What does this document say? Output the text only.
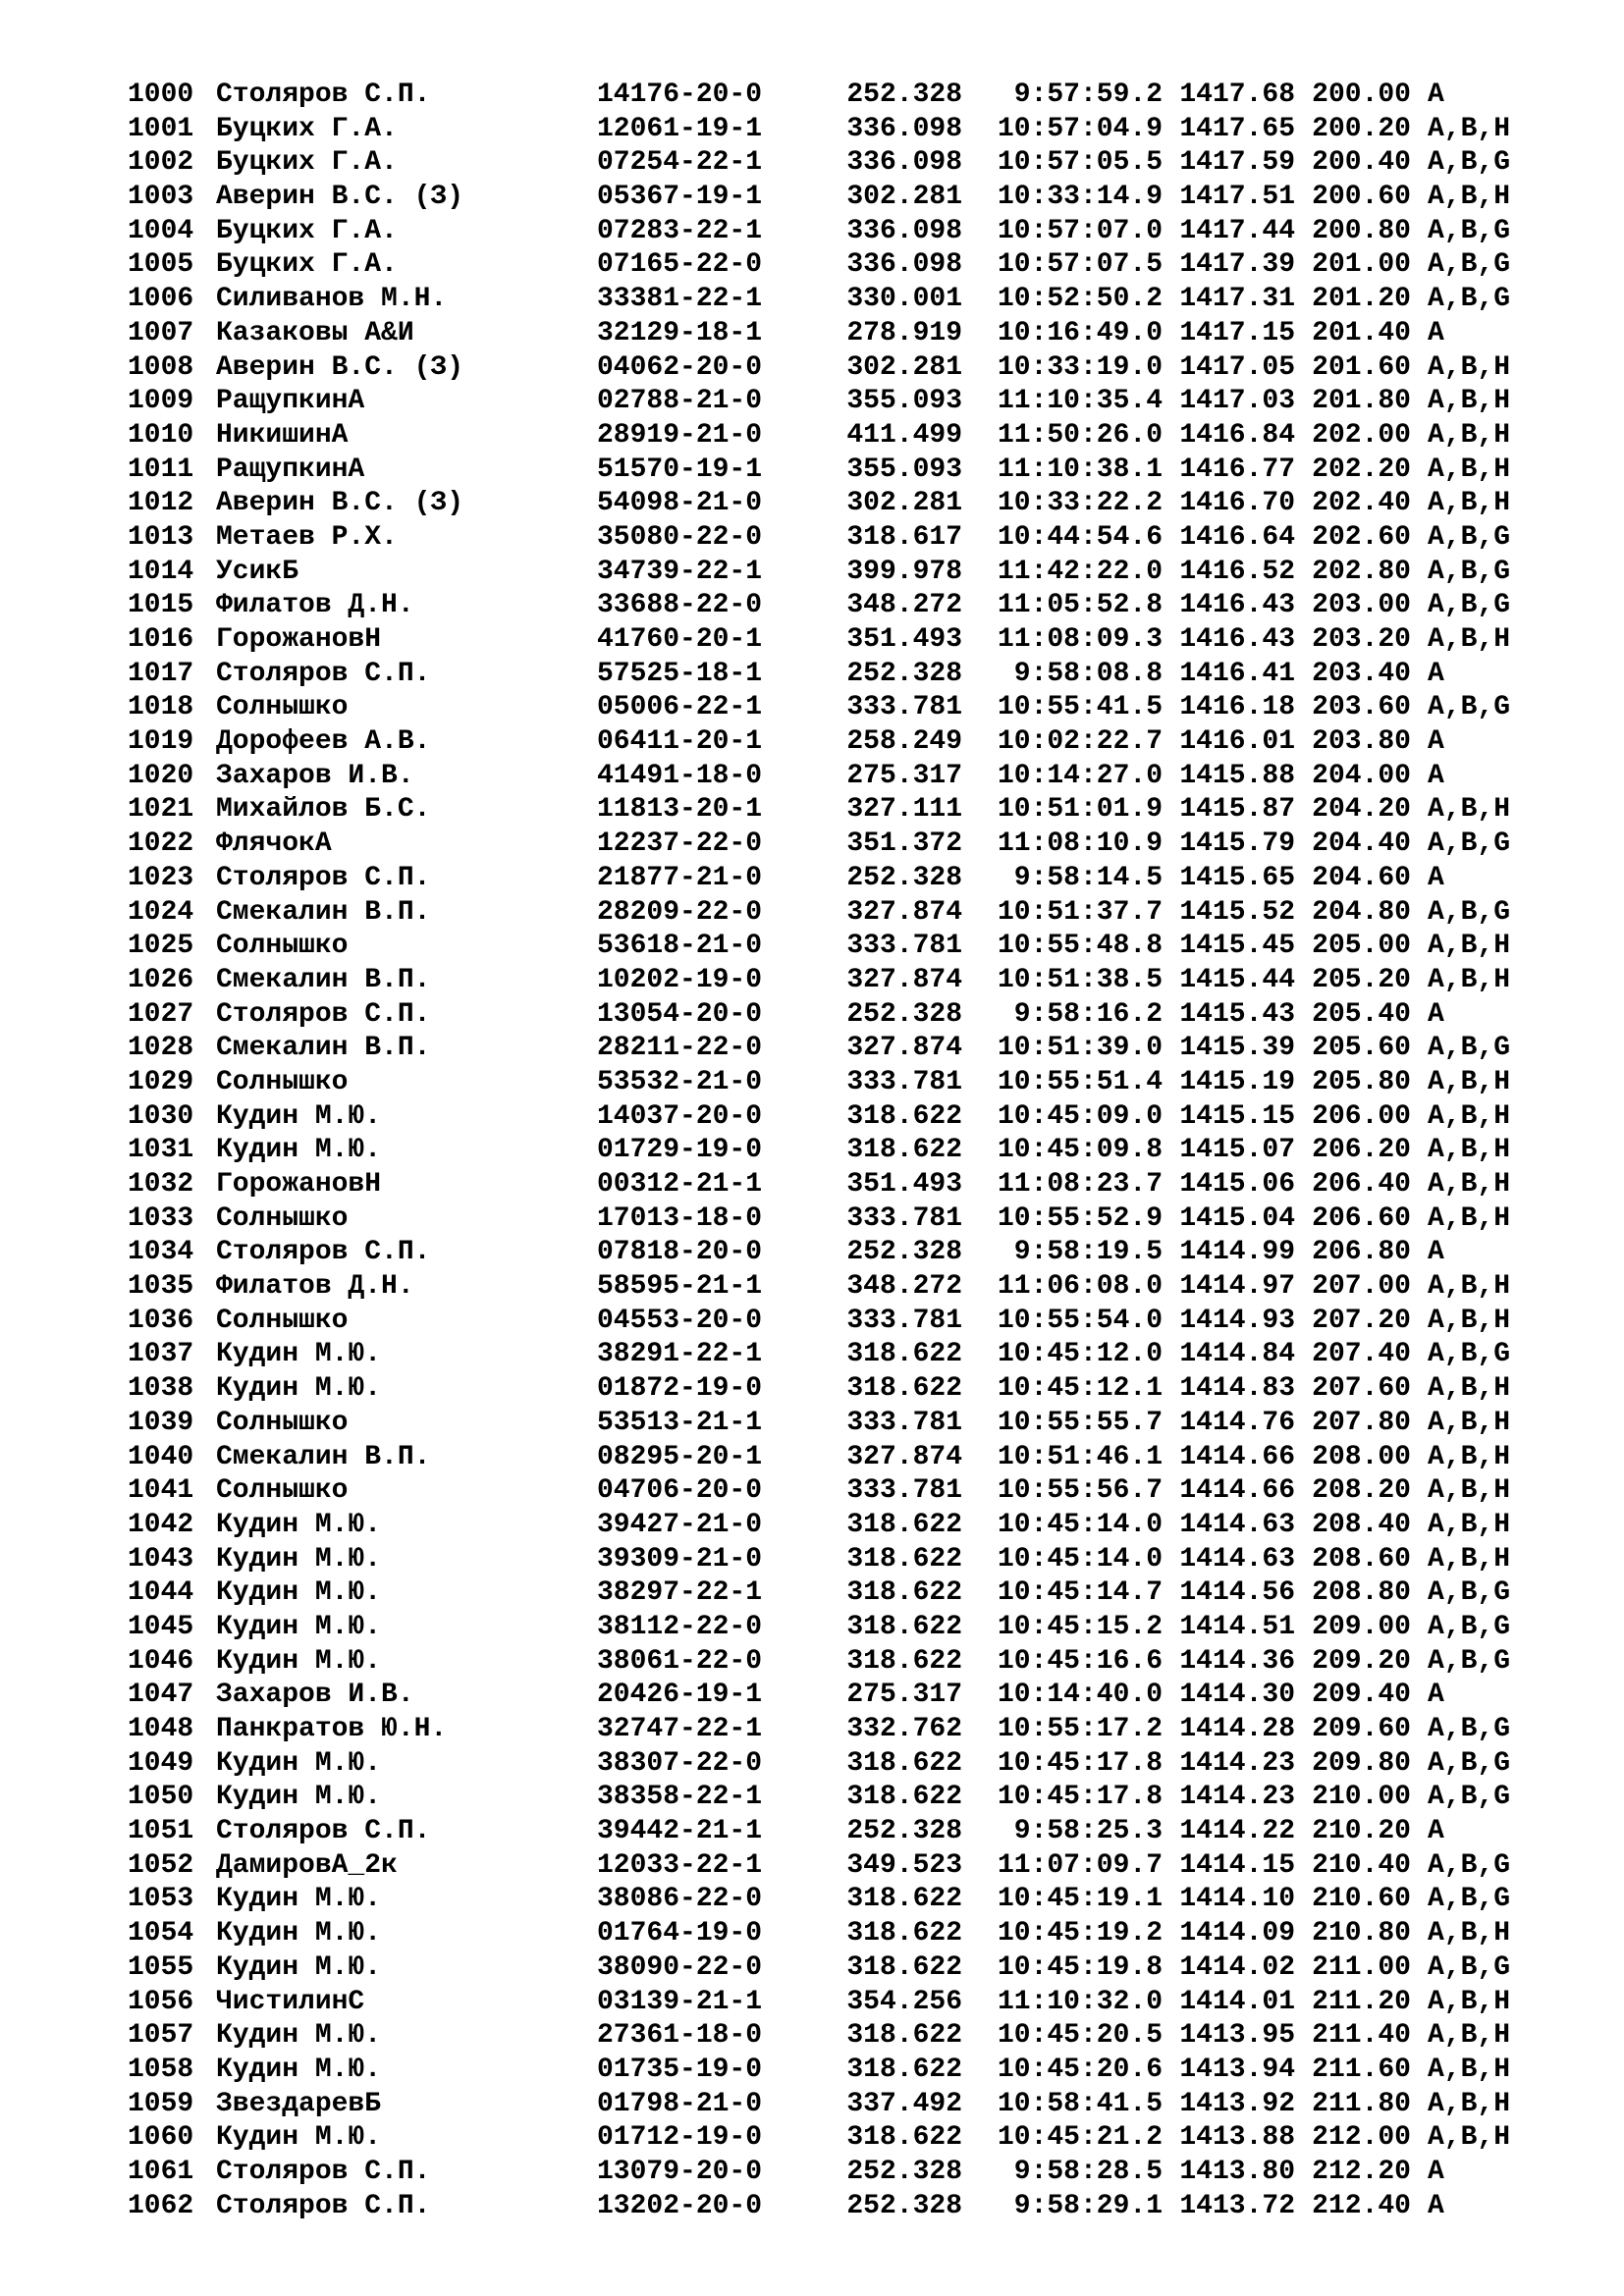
1000 Столяров С.П.	14176-20-0	252.328	9:57:59.2 1417.68 200.00 A
1001 Буцких Г.А.	12061-19-1	336.098	10:57:04.9 1417.65 200.20 A,B,H
1002 Буцких Г.А.	07254-22-1	336.098	10:57:05.5 1417.59 200.40 A,B,G
1003 Аверин В.С. (З)	05367-19-1	302.281	10:33:14.9 1417.51 200.60 A,B,H
1004 Буцких Г.А.	07283-22-1	336.098	10:57:07.0 1417.44 200.80 A,B,G
1005 Буцких Г.А.	07165-22-0	336.098	10:57:07.5 1417.39 201.00 A,B,G
1006 Силиванов М.Н.	33381-22-1	330.001	10:52:50.2 1417.31 201.20 A,B,G
1007 Казаковы А&И	32129-18-1	278.919	10:16:49.0 1417.15 201.40 A
1008 Аверин В.С. (З)	04062-20-0	302.281	10:33:19.0 1417.05 201.60 A,B,H
1009 РащупкинА	02788-21-0	355.093	11:10:35.4 1417.03 201.80 A,B,H
1010 НикишинА	28919-21-0	411.499	11:50:26.0 1416.84 202.00 A,B,H
1011 РащупкинА	51570-19-1	355.093	11:10:38.1 1416.77 202.20 A,B,H
1012 Аверин В.С. (З)	54098-21-0	302.281	10:33:22.2 1416.70 202.40 A,B,H
1013 Метаев Р.Х.	35080-22-0	318.617	10:44:54.6 1416.64 202.60 A,B,G
1014 УсикБ	34739-22-1	399.978	11:42:22.0 1416.52 202.80 A,B,G
1015 Филатов Д.Н.	33688-22-0	348.272	11:05:52.8 1416.43 203.00 A,B,G
1016 ГорожановН	41760-20-1	351.493	11:08:09.3 1416.43 203.20 A,B,H
1017 Столяров С.П.	57525-18-1	252.328	9:58:08.8 1416.41 203.40 A
1018 Солнышко	05006-22-1	333.781	10:55:41.5 1416.18 203.60 A,B,G
1019 Дорофеев А.В.	06411-20-1	258.249	10:02:22.7 1416.01 203.80 A
1020 Захаров И.В.	41491-18-0	275.317	10:14:27.0 1415.88 204.00 A
1021 Михайлов Б.С.	11813-20-1	327.111	10:51:01.9 1415.87 204.20 A,B,H
1022 ФлячокА	12237-22-0	351.372	11:08:10.9 1415.79 204.40 A,B,G
1023 Столяров С.П.	21877-21-0	252.328	9:58:14.5 1415.65 204.60 A
1024 Смекалин В.П.	28209-22-0	327.874	10:51:37.7 1415.52 204.80 A,B,G
1025 Солнышко	53618-21-0	333.781	10:55:48.8 1415.45 205.00 A,B,H
1026 Смекалин В.П.	10202-19-0	327.874	10:51:38.5 1415.44 205.20 A,B,H
1027 Столяров С.П.	13054-20-0	252.328	9:58:16.2 1415.43 205.40 A
1028 Смекалин В.П.	28211-22-0	327.874	10:51:39.0 1415.39 205.60 A,B,G
1029 Солнышко	53532-21-0	333.781	10:55:51.4 1415.19 205.80 A,B,H
1030 Кудин М.Ю.	14037-20-0	318.622	10:45:09.0 1415.15 206.00 A,B,H
1031 Кудин М.Ю.	01729-19-0	318.622	10:45:09.8 1415.07 206.20 A,B,H
1032 ГорожановН	00312-21-1	351.493	11:08:23.7 1415.06 206.40 A,B,H
1033 Солнышко	17013-18-0	333.781	10:55:52.9 1415.04 206.60 A,B,H
1034 Столяров С.П.	07818-20-0	252.328	9:58:19.5 1414.99 206.80 A
1035 Филатов Д.Н.	58595-21-1	348.272	11:06:08.0 1414.97 207.00 A,B,H
1036 Солнышко	04553-20-0	333.781	10:55:54.0 1414.93 207.20 A,B,H
1037 Кудин М.Ю.	38291-22-1	318.622	10:45:12.0 1414.84 207.40 A,B,G
1038 Кудин М.Ю.	01872-19-0	318.622	10:45:12.1 1414.83 207.60 A,B,H
1039 Солнышко	53513-21-1	333.781	10:55:55.7 1414.76 207.80 A,B,H
1040 Смекалин В.П.	08295-20-1	327.874	10:51:46.1 1414.66 208.00 A,B,H
1041 Солнышко	04706-20-0	333.781	10:55:56.7 1414.66 208.20 A,B,H
1042 Кудин М.Ю.	39427-21-0	318.622	10:45:14.0 1414.63 208.40 A,B,H
1043 Кудин М.Ю.	39309-21-0	318.622	10:45:14.0 1414.63 208.60 A,B,H
1044 Кудин М.Ю.	38297-22-1	318.622	10:45:14.7 1414.56 208.80 A,B,G
1045 Кудин М.Ю.	38112-22-0	318.622	10:45:15.2 1414.51 209.00 A,B,G
1046 Кудин М.Ю.	38061-22-0	318.622	10:45:16.6 1414.36 209.20 A,B,G
1047 Захаров И.В.	20426-19-1	275.317	10:14:40.0 1414.30 209.40 A
1048 Панкратов Ю.Н.	32747-22-1	332.762	10:55:17.2 1414.28 209.60 A,B,G
1049 Кудин М.Ю.	38307-22-0	318.622	10:45:17.8 1414.23 209.80 A,B,G
1050 Кудин М.Ю.	38358-22-1	318.622	10:45:17.8 1414.23 210.00 A,B,G
1051 Столяров С.П.	39442-21-1	252.328	9:58:25.3 1414.22 210.20 A
1052 ДамировА_2к	12033-22-1	349.523	11:07:09.7 1414.15 210.40 A,B,G
1053 Кудин М.Ю.	38086-22-0	318.622	10:45:19.1 1414.10 210.60 A,B,G
1054 Кудин М.Ю.	01764-19-0	318.622	10:45:19.2 1414.09 210.80 A,B,H
1055 Кудин М.Ю.	38090-22-0	318.622	10:45:19.8 1414.02 211.00 A,B,G
1056 ЧистилинС	03139-21-1	354.256	11:10:32.0 1414.01 211.20 A,B,H
1057 Кудин М.Ю.	27361-18-0	318.622	10:45:20.5 1413.95 211.40 A,B,H
1058 Кудин М.Ю.	01735-19-0	318.622	10:45:20.6 1413.94 211.60 A,B,H
1059 ЗвездаревБ	01798-21-0	337.492	10:58:41.5 1413.92 211.80 A,B,H
1060 Кудин М.Ю.	01712-19-0	318.622	10:45:21.2 1413.88 212.00 A,B,H
1061 Столяров С.П.	13079-20-0	252.328	9:58:28.5 1413.80 212.20 A
1062 Столяров С.П.	13202-20-0	252.328	9:58:29.1 1413.72 212.40 A
